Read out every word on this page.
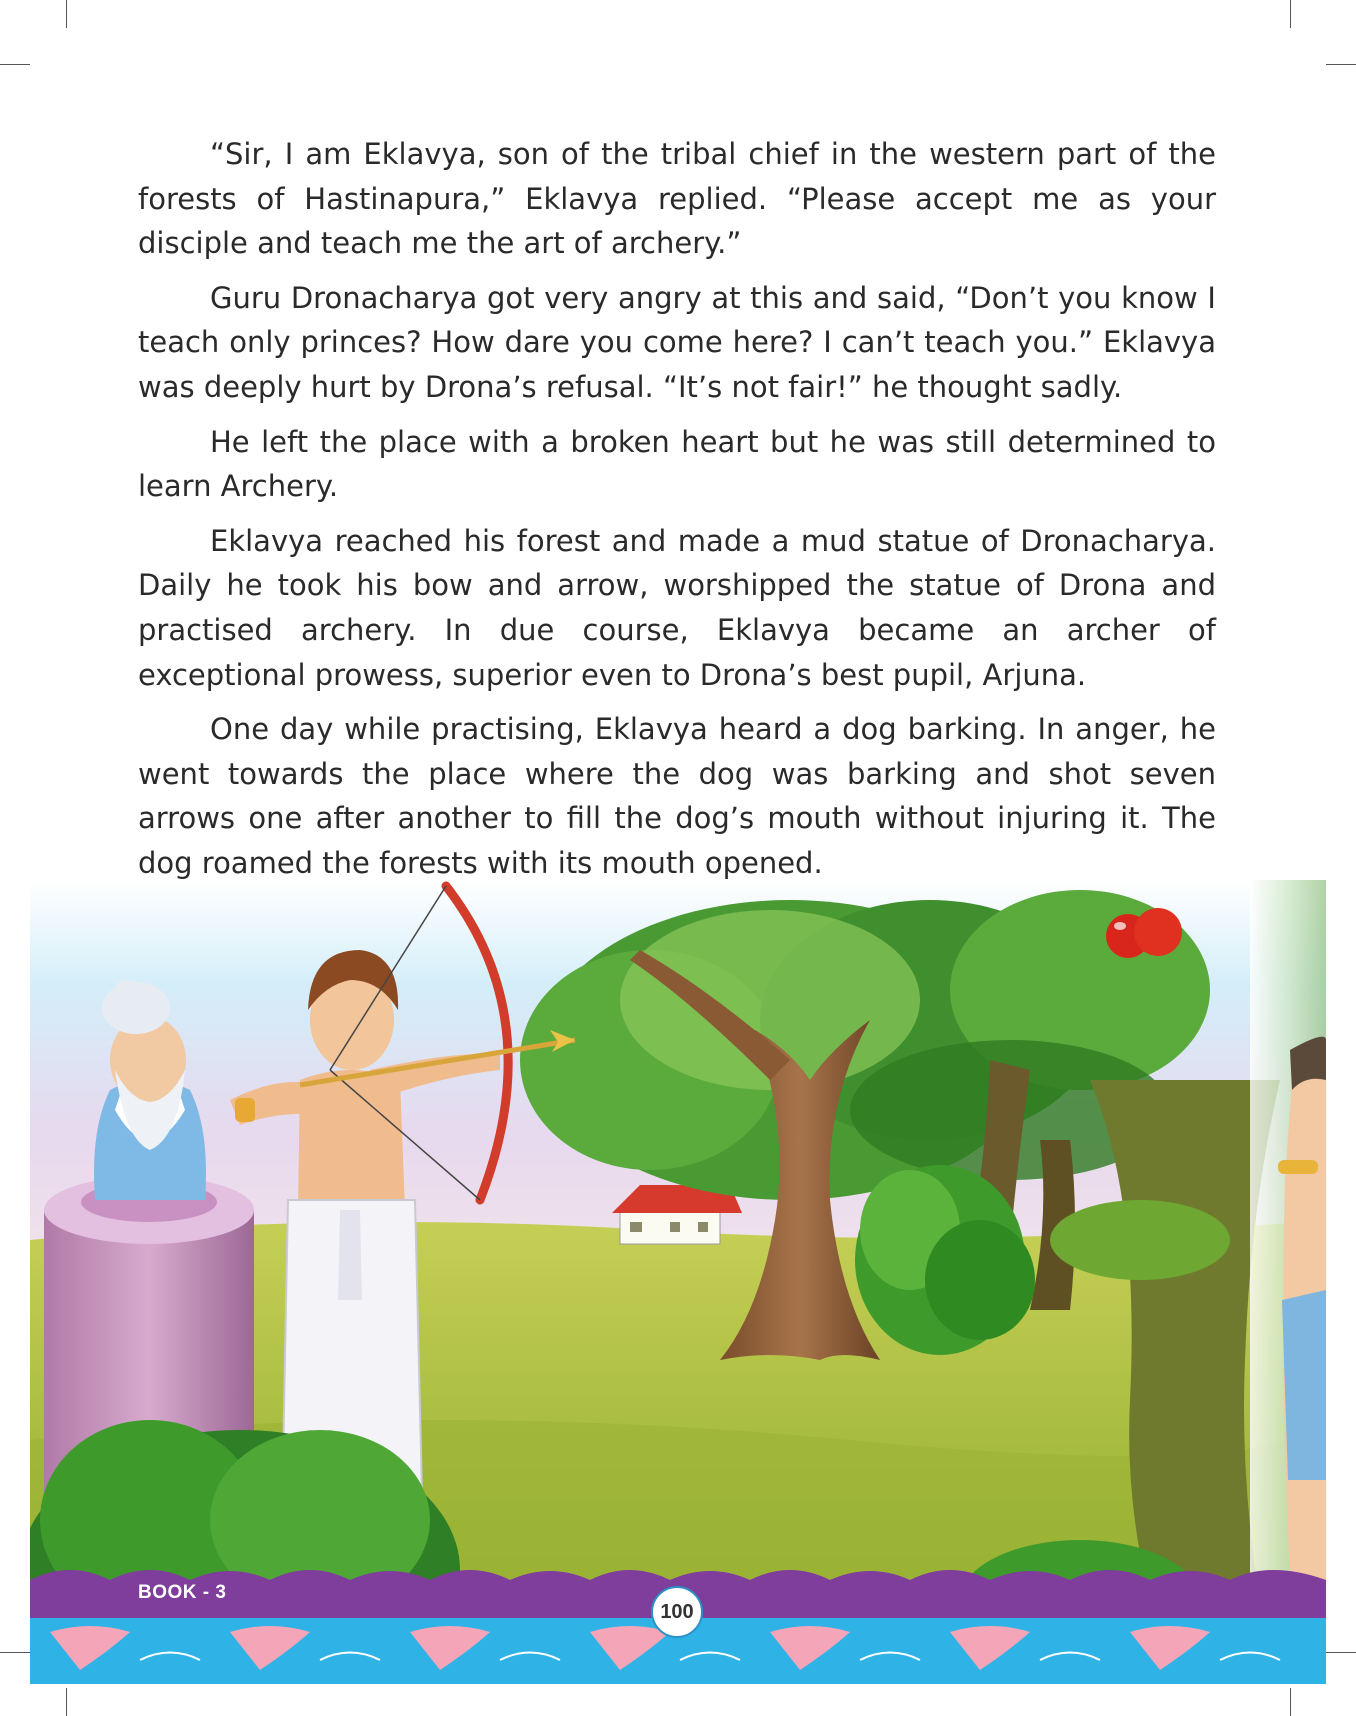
“Sir, I am Eklavya, son of the tribal chief in the western part of the forests of Hastinapura,” Eklavya replied. “Please accept me as your disciple and teach me the art of archery.”

Guru Dronacharya got very angry at this and said, “Don’t you know I teach only princes? How dare you come here? I can’t teach you.” Eklavya was deeply hurt by Drona’s refusal. “It’s not fair!” he thought sadly.

He left the place with a broken heart but he was still determined to learn Archery.

Eklavya reached his forest and made a mud statue of Dronacharya. Daily he took his bow and arrow, worshipped the statue of Drona and practised archery. In due course, Eklavya became an archer of exceptional prowess, superior even to Drona’s best pupil, Arjuna.

One day while practising, Eklavya heard a dog barking. In anger, he went towards the place where the dog was barking and shot seven arrows one after another to fill the dog’s mouth without injuring it. The dog roamed the forests with its mouth opened.

BOOK - 3
100
